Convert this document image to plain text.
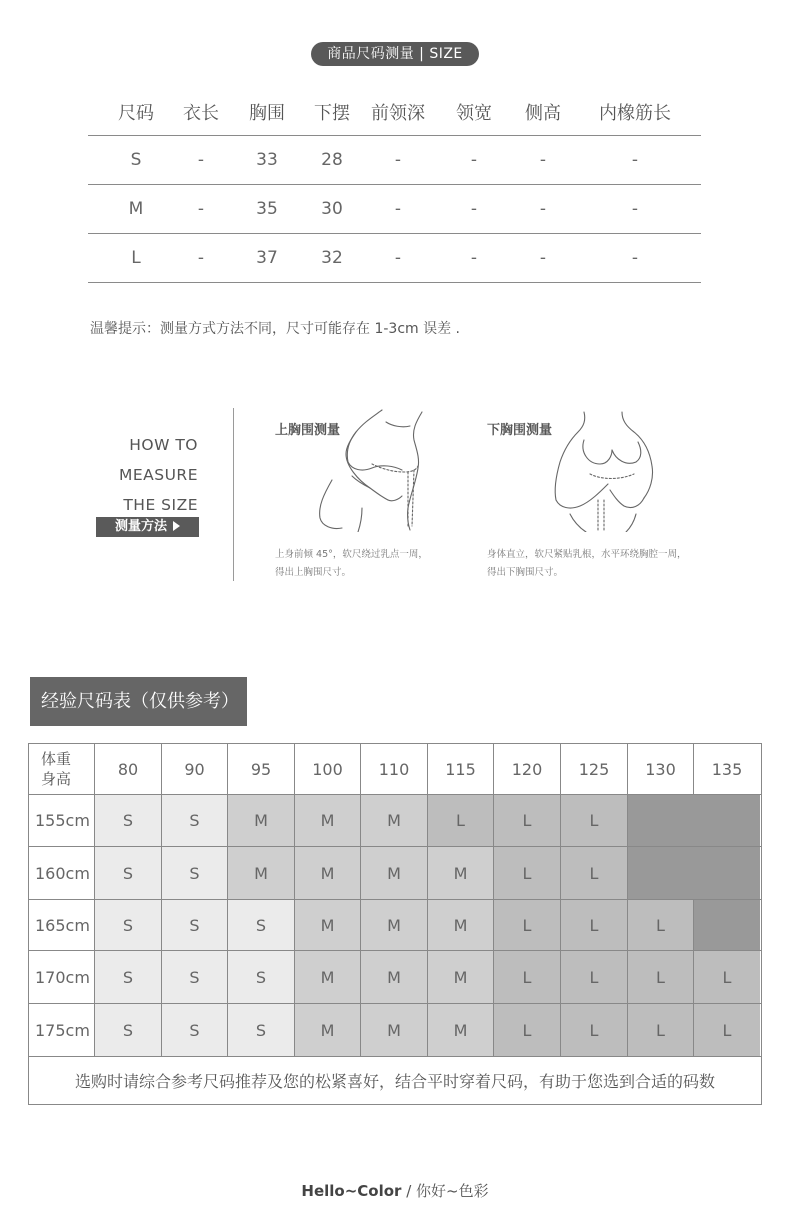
商品尺码测量 | SIZE
尺码	衣长	胸围	下摆	前领深	领宽	侧高	内橡筋长
S	-	33	28	-	-	-	-
M	-	35	30	-	-	-	-
L	-	37	32	-	-	-	-
温馨提示：测量方式方法不同，尺寸可能存在 1-3cm 误差 .
HOW TO
MEASURE
THE SIZE
测量方法
上胸围测量
上身前倾 45°，软尺绕过乳点一周，
得出上胸围尺寸。
下胸围测量
身体直立，软尺紧贴乳根，水平环绕胸腔一周，
得出下胸围尺寸。
经验尺码表（仅供参考）
体重
身高
80	90	95	100	110	115	120	125	130	135
155cm	S	S	M	M	M	L	L	L
160cm	S	S	M	M	M	M	L	L
165cm	S	S	S	M	M	M	L	L	L
170cm	S	S	S	M	M	M	L	L	L	L
175cm	S	S	S	M	M	M	L	L	L	L
选购时请综合参考尺码推荐及您的松紧喜好，结合平时穿着尺码，有助于您选到合适的码数
Hello~Color / 你好~色彩
